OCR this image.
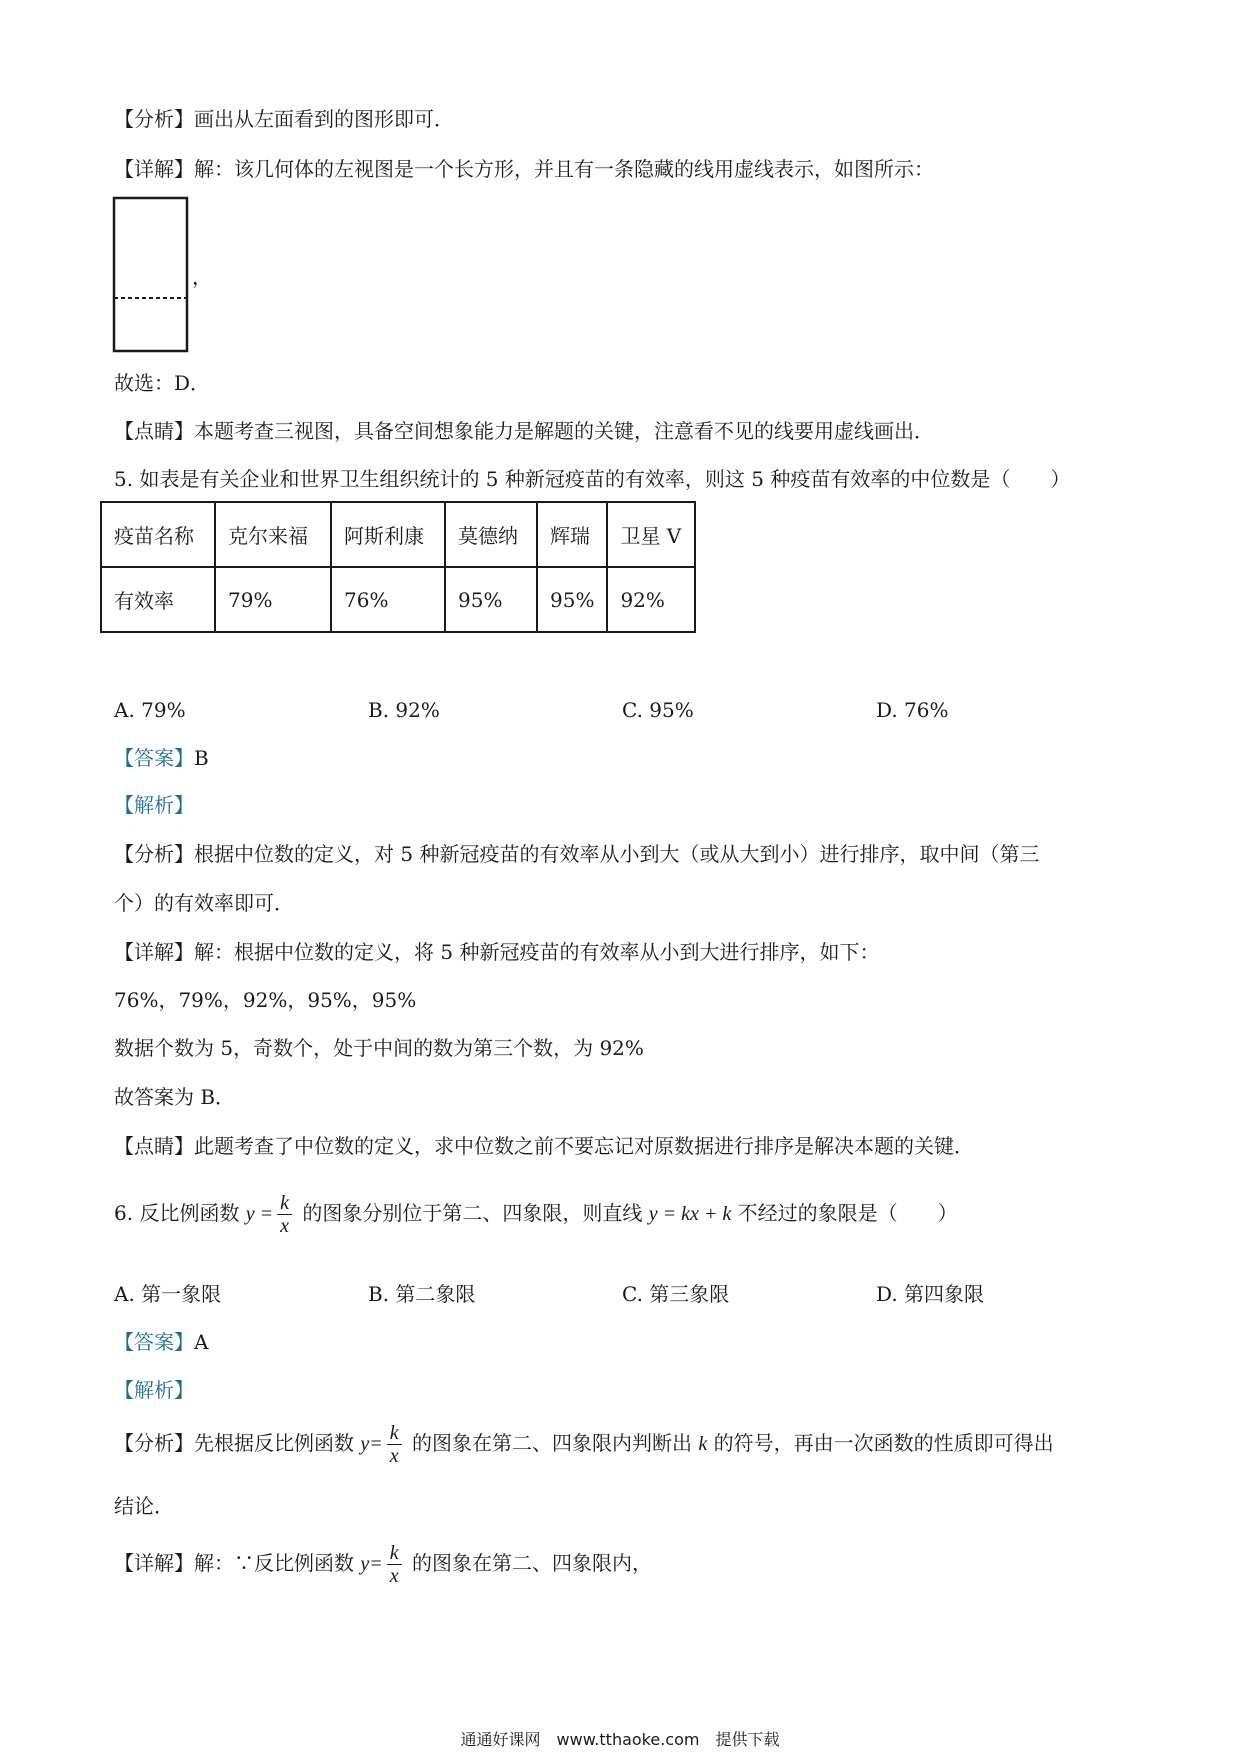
【分析】画出从左面看到的图形即可．
【详解】解：该几何体的左视图是一个长方形，并且有一条隐藏的线用虚线表示，如图所示：
，
故选：D．
【点睛】本题考查三视图，具备空间想象能力是解题的关键，注意看不见的线要用虚线画出．
5. 如表是有关企业和世界卫生组织统计的 5 种新冠疫苗的有效率，则这 5 种疫苗有效率的中位数是（　　）
疫苗名称	克尔来福	阿斯利康	莫德纳	辉瑞	卫星 V
有效率	79%	76%	95%	95%	92%
A. 79%	B. 92%	C. 95%	D. 76%
【答案】B
【解析】
【分析】根据中位数的定义，对 5 种新冠疫苗的有效率从小到大（或从大到小）进行排序，取中间（第三
个）的有效率即可．
【详解】解：根据中位数的定义，将 5 种新冠疫苗的有效率从小到大进行排序，如下：
76%，79%，92%，95%，95%
数据个数为 5，奇数个，处于中间的数为第三个数，为 92%
故答案为 B．
【点睛】此题考查了中位数的定义，求中位数之前不要忘记对原数据进行排序是解决本题的关键．
6. 反比例函数 $y = \frac{k}{x}$ 的图象分别位于第二、四象限，则直线 y = kx + k 不经过的象限是（　　）
A. 第一象限	B. 第二象限	C. 第三象限	D. 第四象限
【答案】A
【解析】
【分析】先根据反比例函数 $y= \frac{k}{x}$ 的图象在第二、四象限内判断出 k 的符号，再由一次函数的性质即可得出
结论．
【详解】解：∵反比例函数 $y= \frac{k}{x}$ 的图象在第二、四象限内，
通通好课网　www.tthaoke.com　提供下载
